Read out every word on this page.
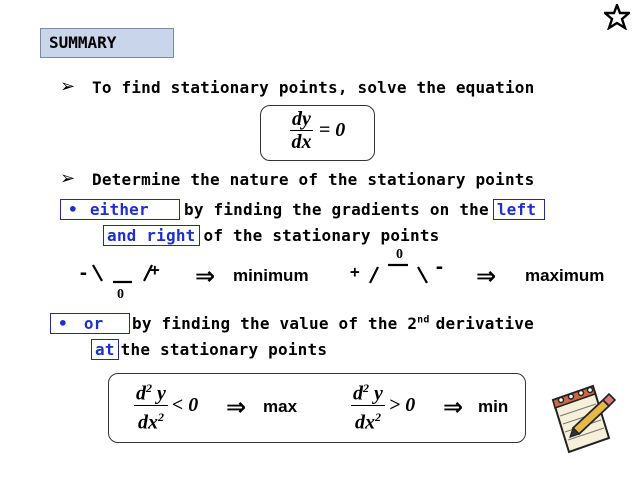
SUMMARY
➢ To find stationary points, solve the equation
$\frac{dy}{dx} = 0$
➢ Determine the nature of the stationary points
• either by finding the gradients on the left
and right of the stationary points
-	+
0
⇒ minimum	+
0
- ⇒ maximum
• or by finding the value of the 2nd derivative
at the stationary points
$\frac{d^2 y}{dx^2} < 0$ ⇒ max	$\frac{d^2 y}{dx^2} > 0$ ⇒ min
